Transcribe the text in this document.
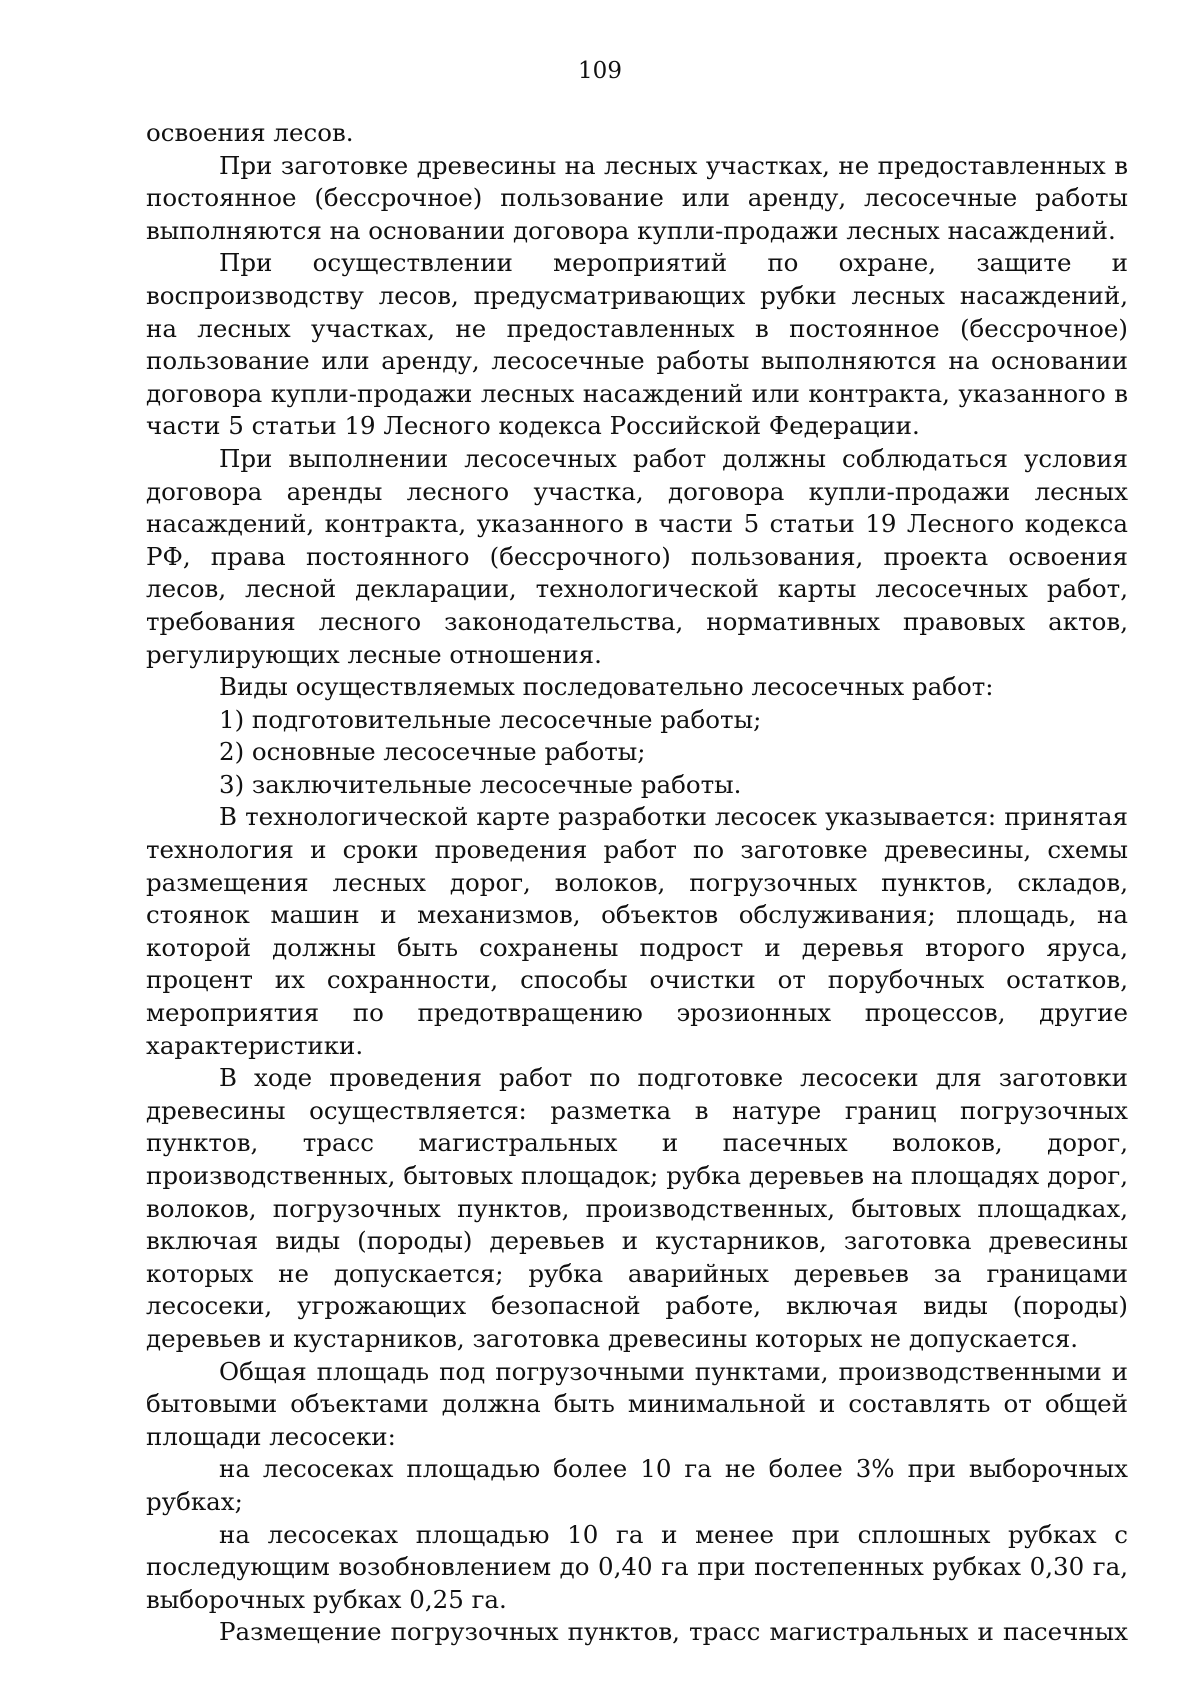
109

освоения лесов.

При заготовке древесины на лесных участках, не предоставленных в постоянное (бессрочное) пользование или аренду, лесосечные работы выполняются на основании договора купли-продажи лесных насаждений.

При осуществлении мероприятий по охране, защите и воспроизводству лесов, предусматривающих рубки лесных насаждений, на лесных участках, не предоставленных в постоянное (бессрочное) пользование или аренду, лесосечные работы выполняются на основании договора купли-продажи лесных насаждений или контракта, указанного в части 5 статьи 19 Лесного кодекса Российской Федерации.

При выполнении лесосечных работ должны соблюдаться условия договора аренды лесного участка, договора купли-продажи лесных насаждений, контракта, указанного в части 5 статьи 19 Лесного кодекса РФ, права постоянного (бессрочного) пользования, проекта освоения лесов, лесной декларации, технологической карты лесосечных работ, требования лесного законодательства, нормативных правовых актов, регулирующих лесные отношения.

Виды осуществляемых последовательно лесосечных работ:

1) подготовительные лесосечные работы;

2) основные лесосечные работы;

3) заключительные лесосечные работы.

В технологической карте разработки лесосек указывается: принятая технология и сроки проведения работ по заготовке древесины, схемы размещения лесных дорог, волоков, погрузочных пунктов, складов, стоянок машин и механизмов, объектов обслуживания; площадь, на которой должны быть сохранены подрост и деревья второго яруса, процент их сохранности, способы очистки от порубочных остатков, мероприятия по предотвращению эрозионных процессов, другие характеристики.

В ходе проведения работ по подготовке лесосеки для заготовки древесины осуществляется: разметка в натуре границ погрузочных пунктов, трасс магистральных и пасечных волоков, дорог, производственных, бытовых площадок; рубка деревьев на площадях дорог, волоков, погрузочных пунктов, производственных, бытовых площадках, включая виды (породы) деревьев и кустарников, заготовка древесины которых не допускается; рубка аварийных деревьев за границами лесосеки, угрожающих безопасной работе, включая виды (породы) деревьев и кустарников, заготовка древесины которых не допускается.

Общая площадь под погрузочными пунктами, производственными и бытовыми объектами должна быть минимальной и составлять от общей площади лесосеки:

на лесосеках площадью более 10 га не более 3% при выборочных рубках;

на лесосеках площадью 10 га и менее при сплошных рубках с последующим возобновлением до 0,40 га при постепенных рубках 0,30 га, выборочных рубках 0,25 га.

Размещение погрузочных пунктов, трасс магистральных и пасечных
